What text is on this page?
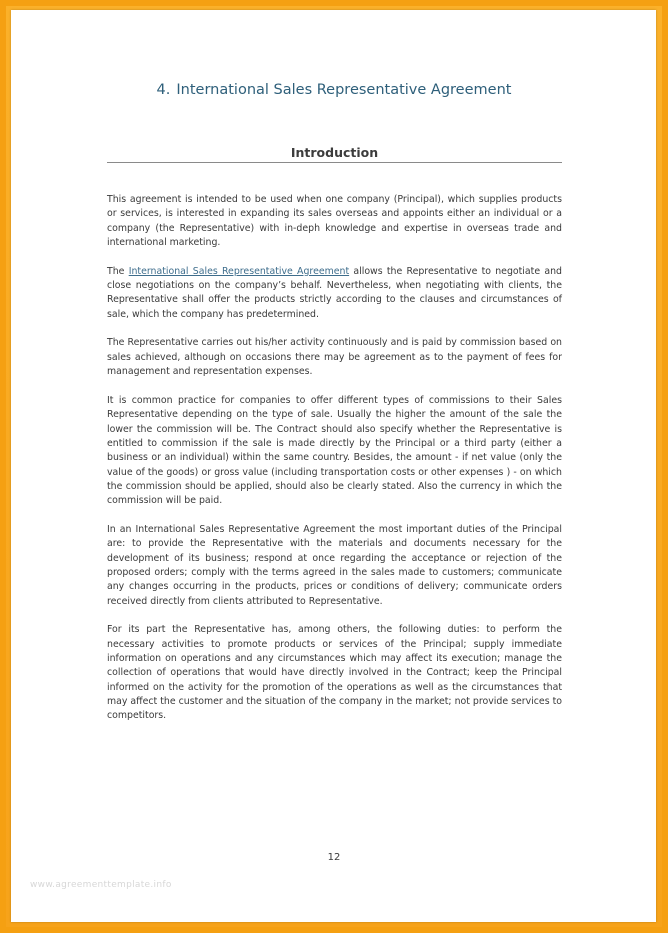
4. International Sales Representative Agreement
Introduction

This agreement is intended to be used when one company (Principal), which supplies products or services, is interested in expanding its sales overseas and appoints either an individual or a company (the Representative) with in-deph knowledge and expertise in overseas trade and international marketing.

The International Sales Representative Agreement allows the Representative to negotiate and close negotiations on the company’s behalf. Nevertheless, when negotiating with clients, the Representative shall offer the products strictly according to the clauses and circumstances of sale, which the company has predetermined.

The Representative carries out his/her activity continuously and is paid by commission based on sales achieved, although on occasions there may be agreement as to the payment of fees for management and representation expenses.

It is common practice for companies to offer different types of commissions to their Sales Representative depending on the type of sale. Usually the higher the amount of the sale the lower the commission will be. The Contract should also specify whether the Representative is entitled to commission if the sale is made directly by the Principal or a third party (either a business or an individual) within the same country. Besides, the amount - if net value (only the value of the goods) or gross value (including transportation costs or other expenses ) - on which the commission should be applied, should also be clearly stated. Also the currency in which the commission will be paid.

In an International Sales Representative Agreement the most important duties of the Principal are: to provide the Representative with the materials and documents necessary for the development of its business; respond at once regarding the acceptance or rejection of the proposed orders; comply with the terms agreed in the sales made to customers; communicate any changes occurring in the products, prices or conditions of delivery; communicate orders received directly from clients attributed to Representative.

For its part the Representative has, among others, the following duties: to perform the necessary activities to promote products or services of the Principal; supply immediate information on operations and any circumstances which may affect its execution; manage the collection of operations that would have directly involved in the Contract; keep the Principal informed on the activity for the promotion of the operations as well as the circumstances that may affect the customer and the situation of the company in the market; not provide services to competitors.

12
www.agreementtemplate.info
